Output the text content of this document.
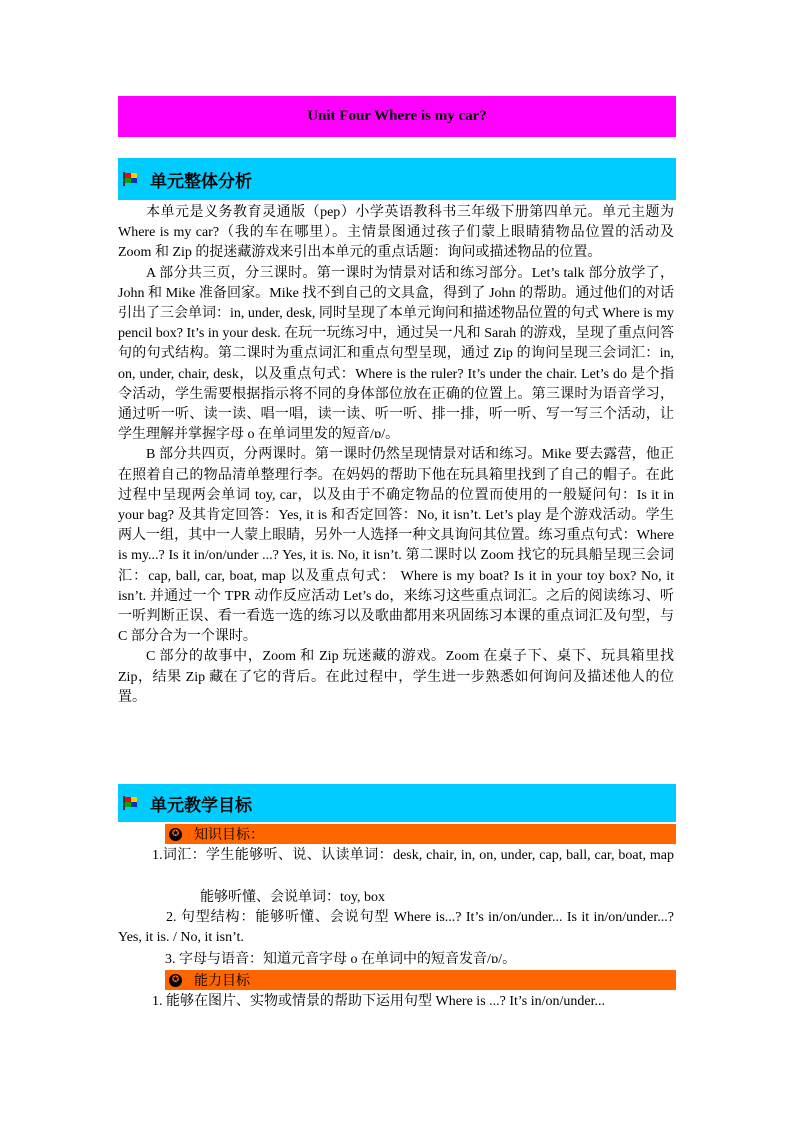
Unit Four Where is my car?
单元整体分析

本单元是义务教育灵通版（pep）小学英语教科书三年级下册第四单元。单元主题为 Where is my car?（我的车在哪里）。主情景图通过孩子们蒙上眼睛猜物品位置的活动及 Zoom 和 Zip 的捉迷藏游戏来引出本单元的重点话题：询问或描述物品的位置。

A 部分共三页，分三课时。第一课时为情景对话和练习部分。Let’s talk 部分放学了，John 和 Mike 准备回家。Mike 找不到自己的文具盒，得到了 John 的帮助。通过他们的对话引出了三会单词：in, under, desk, 同时呈现了本单元询问和描述物品位置的句式 Where is my pencil box? It’s in your desk. 在玩一玩练习中，通过吴一凡和 Sarah 的游戏，呈现了重点问答句的句式结构。第二课时为重点词汇和重点句型呈现，通过 Zip 的询问呈现三会词汇：in, on, under, chair, desk，以及重点句式：Where is the ruler? It’s under the chair. Let’s do 是个指令活动，学生需要根据指示将不同的身体部位放在正确的位置上。第三课时为语音学习，通过听一听、读一读、唱一唱，读一读、听一听、排一排，听一听、写一写三个活动，让学生理解并掌握字母 o 在单词里发的短音/ɒ/。

B 部分共四页，分两课时。第一课时仍然呈现情景对话和练习。Mike 要去露营，他正在照着自己的物品清单整理行李。在妈妈的帮助下他在玩具箱里找到了自己的帽子。在此过程中呈现两会单词 toy, car，以及由于不确定物品的位置而使用的一般疑问句：Is it in your bag? 及其肯定回答：Yes, it is 和否定回答：No, it isn’t. Let’s play 是个游戏活动。学生两人一组，其中一人蒙上眼睛，另外一人选择一种文具询问其位置。练习重点句式：Where is my...? Is it in/on/under ...? Yes, it is. No, it isn’t. 第二课时以 Zoom 找它的玩具船呈现三会词汇：cap, ball, car, boat, map 以及重点句式： Where is my boat? Is it in your toy box? No, it isn’t. 并通过一个 TPR 动作反应活动 Let’s do，来练习这些重点词汇。之后的阅读练习、听一听判断正误、看一看选一选的练习以及歌曲都用来巩固练习本课的重点词汇及句型，与 C 部分合为一个课时。

C 部分的故事中，Zoom 和 Zip 玩迷藏的游戏。Zoom 在桌子下、桌下、玩具箱里找 Zip，结果 Zip 藏在了它的背后。在此过程中，学生进一步熟悉如何询问及描述他人的位置。

单元教学目标
✪ 知识目标：
1.词汇：学生能够听、说、认读单词：desk, chair, in, on, under, cap, ball, car, boat, map
能够听懂、会说单词：toy, box
2. 句型结构：能够听懂、会说句型 Where is...? It’s in/on/under... Is it in/on/under...? Yes, it is. / No, it isn’t.
3. 字母与语音：知道元音字母 o 在单词中的短音发音/ɒ/。
✪ 能力目标
1. 能够在图片、实物或情景的帮助下运用句型 Where is ...? It’s in/on/under...
